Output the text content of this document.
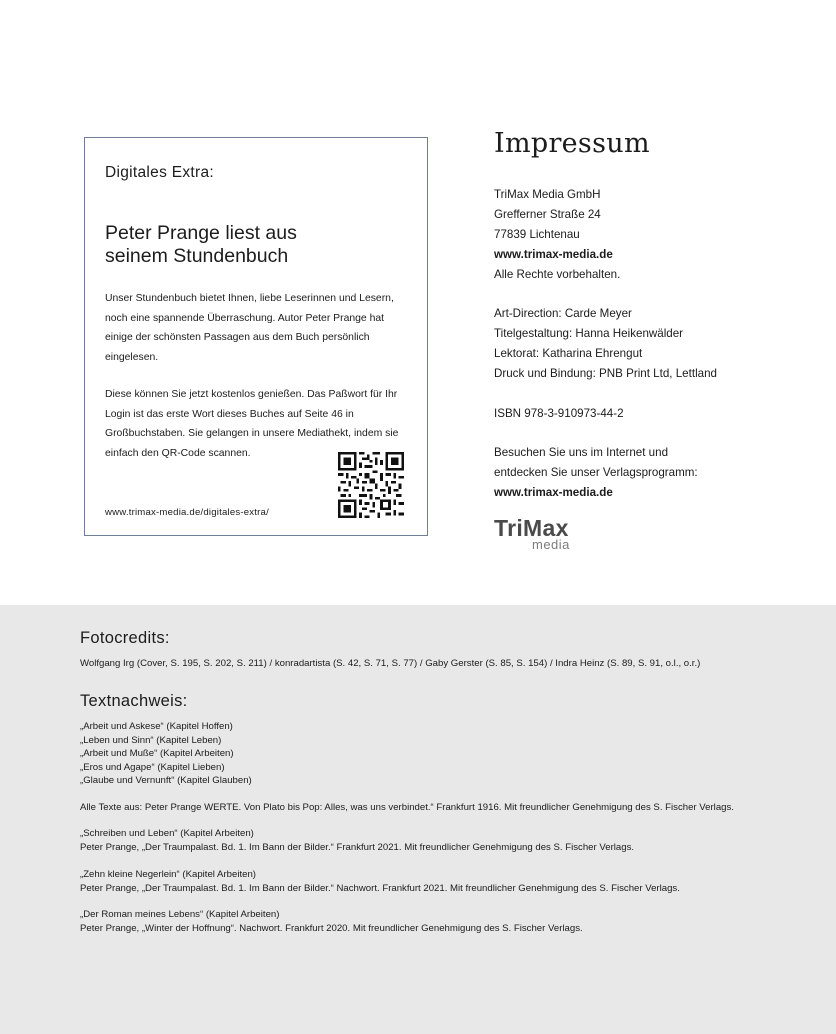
Digitales Extra:
Peter Prange liest aus
seinem Stundenbuch
Unser Stundenbuch bietet Ihnen, liebe Leserinnen und Lesern, noch eine spannende Überraschung. Autor Peter Prange hat einige der schönsten Passagen aus dem Buch persönlich eingelesen.
Diese können Sie jetzt kostenlos genießen. Das Paßwort für Ihr Login ist das erste Wort dieses Buches auf Seite 46 in Großbuchstaben. Sie gelangen in unsere Mediathekt, indem sie einfach den QR-Code scannen.
www.trimax-media.de/digitales-extra/
Impressum
TriMax Media GmbH
Grefferner Straße 24
77839 Lichtenau
www.trimax-media.de
Alle Rechte vorbehalten.
Art-Direction: Carde Meyer
Titelgestaltung: Hanna Heikenwälder
Lektorat: Katharina Ehrengut
Druck und Bindung: PNB Print Ltd, Lettland
ISBN 978-3-910973-44-2
Besuchen Sie uns im Internet und
entdecken Sie unser Verlagsprogramm:
www.trimax-media.de
TriMax
media
Fotocredits:
Wolfgang Irg (Cover, S. 195, S. 202, S. 211) / konradartista (S. 42, S. 71, S. 77) / Gaby Gerster (S. 85, S. 154) / Indra Heinz (S. 89, S. 91, o.l., o.r.)
Textnachweis:
„Arbeit und Askese“ (Kapitel Hoffen)
„Leben und Sinn“ (Kapitel Leben)
„Arbeit und Muße“ (Kapitel Arbeiten)
„Eros und Agape“ (Kapitel Lieben)
„Glaube und Vernunft“ (Kapitel Glauben)
Alle Texte aus: Peter Prange WERTE. Von Plato bis Pop: Alles, was uns verbindet.“ Frankfurt 1916. Mit freundlicher Genehmigung des S. Fischer Verlags.
„Schreiben und Leben“ (Kapitel Arbeiten)
Peter Prange, „Der Traumpalast. Bd. 1. Im Bann der Bilder.“ Frankfurt 2021. Mit freundlicher Genehmigung des S. Fischer Verlags.
„Zehn kleine Negerlein“ (Kapitel Arbeiten)
Peter Prange, „Der Traumpalast. Bd. 1. Im Bann der Bilder.“ Nachwort. Frankfurt 2021. Mit freundlicher Genehmigung des S. Fischer Verlags.
„Der Roman meines Lebens“ (Kapitel Arbeiten)
Peter Prange, „Winter der Hoffnung“. Nachwort. Frankfurt 2020. Mit freundlicher Genehmigung des S. Fischer Verlags.
